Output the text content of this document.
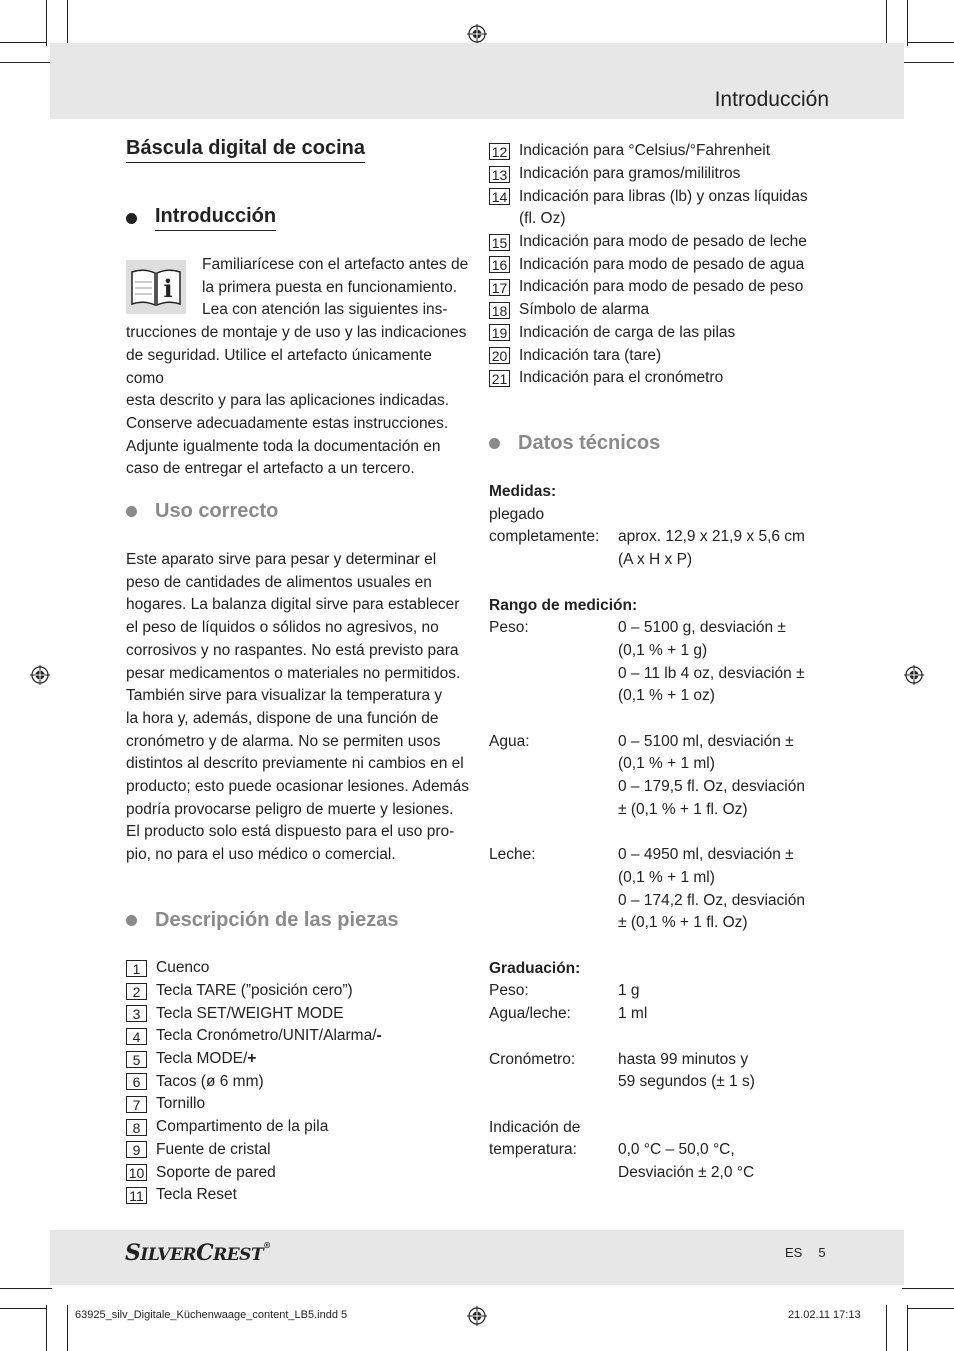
Introducción
Báscula digital de cocina
Introducción
i

Familiarícese con el artefacto antes de

la primera puesta en funcionamiento.

Lea con atención las siguientes ins-

trucciones de montaje y de uso y las indicaciones

de seguridad. Utilice el artefacto únicamente como

esta descrito y para las aplicaciones indicadas.

Conserve adecuadamente estas instrucciones.

Adjunte igualmente toda la documentación en

caso de entregar el artefacto a un tercero.

Uso correcto

Este aparato sirve para pesar y determinar el

peso de cantidades de alimentos usuales en

hogares. La balanza digital sirve para establecer

el peso de líquidos o sólidos no agresivos, no

corrosivos y no raspantes. No está previsto para

pesar medicamentos o materiales no permitidos.

También sirve para visualizar la temperatura y

la hora y, además, dispone de una función de

cronómetro y de alarma. No se permiten usos

distintos al descrito previamente ni cambios en el

producto; esto puede ocasionar lesiones. Además

podría provocarse peligro de muerte y lesiones.

El producto solo está dispuesto para el uso pro-

pio, no para el uso médico o comercial.

Descripción de las piezas
1	Cuenco
2	Tecla TARE (”posición cero”)
3	Tecla SET/WEIGHT MODE
4	Tecla Cronómetro/UNIT/Alarma/ -
5	Tecla MODE/ +
6	Tacos (ø 6 mm)
7	Tornillo
8	Compartimento de la pila
9	Fuente de cristal
10 Soporte de pared
11 Tecla Reset
12 Indicación para °Celsius/°Fahrenheit
13 Indicación para gramos/mililitros
14 Indicación para libras (lb) y onzas líquidas
(fl. Oz)
15 Indicación para modo de pesado de leche
16 Indicación para modo de pesado de agua
17 Indicación para modo de pesado de peso
18 Símbolo de alarma
19 Indicación de carga de las pilas
20 Indicación tara (tare)
21 Indicación para el cronómetro
Datos técnicos
Medidas:
plegado
completamente: aprox. 12,9 x 21,9 x 5,6 cm
(A x H x P)
Rango de medición:
Peso:	0 – 5100 g, desviación ±
(0,1 % + 1 g)
0 – 11 lb 4 oz, desviación ±
(0,1 % + 1 oz)
Agua:	0 – 5100 ml, desviación ±
(0,1 % + 1 ml)
0 – 179,5 fl. Oz, desviación
± (0,1 % + 1 fl. Oz)
Leche:	0 – 4950 ml, desviación ±
(0,1 % + 1 ml)
0 – 174,2 fl. Oz, desviación
± (0,1 % + 1 fl. Oz)
Graduación:
Peso:	1 g
Agua/leche:	1 ml
Cronómetro:	hasta 99 minutos y
59 segundos (± 1 s)
Indicación de
temperatura:	0,0 °C – 50,0 °C,
Desviación ± 2,0 °C
SILVERCREST®	ES 5
63925_silv_Digitale_Küchenwaage_content_LB5.indd 5	21.02.11 17:13
